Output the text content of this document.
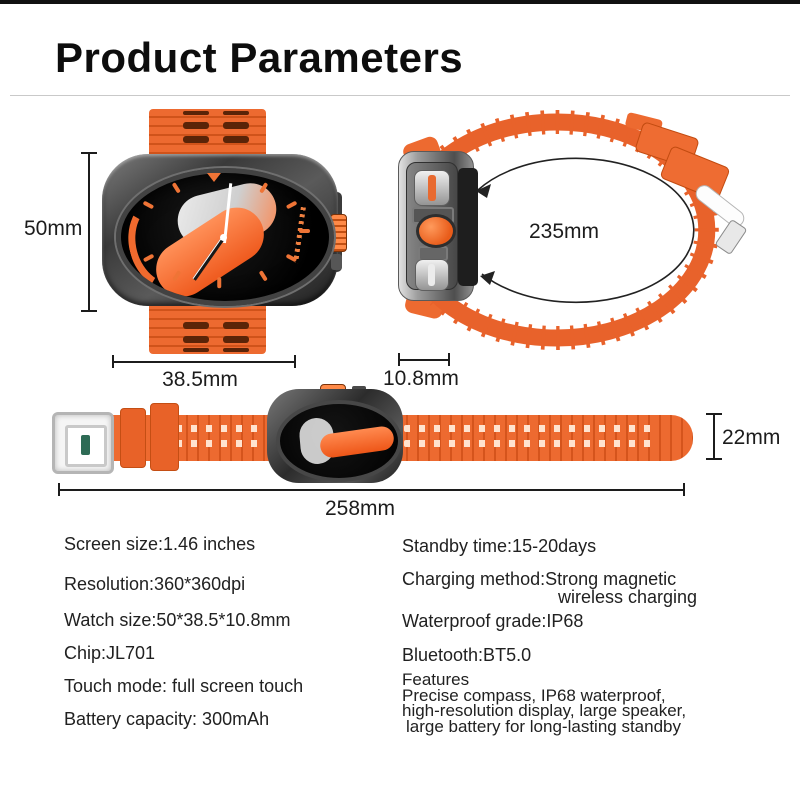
Product Parameters
50mm
38.5mm	10.8mm
235mm
22mm
258mm
Screen size:1.46 inches
Resolution:360*360dpi
Watch size:50*38.5*10.8mm
Chip:JL701
Touch mode: full screen touch
Battery capacity: 300mAh
Standby time:15-20days
Charging method:Strong magnetic
wireless charging
Waterproof grade:IP68
Bluetooth:BT5.0
Features
Precise compass, IP68 waterproof,
high-resolution display, large speaker,
large battery for long-lasting standby
